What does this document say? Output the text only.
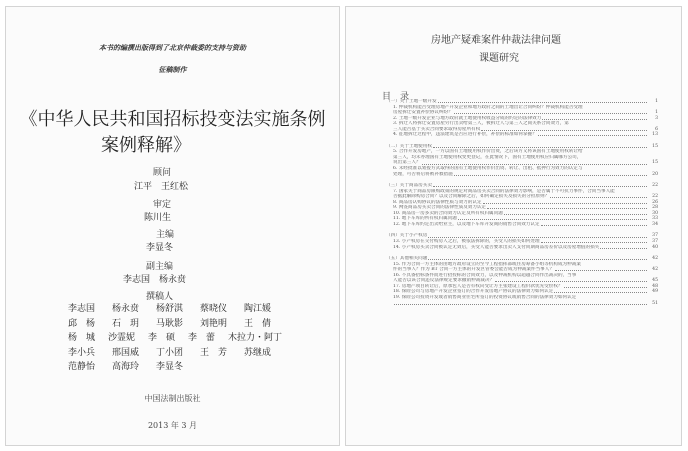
本书的编撰出版得到了北京仲裁委的支持与资助
征稿制作
《中华人民共和国招标投变法实施条例
案例释解》
顾问
江平　王红松
审定
陈川生
主编
李显冬
副主编
李志国　杨永贲
撰稿人
李志国	杨永贲	杨舒淇	蔡晓仪	陶江媛
邱　杨	石　玥	马耿影	刘艳明	王　倩
杨　城	沙霊妮	李　硕	李　蕾	木拉力・阿丁
李小兵	邢国威	丁小团	王　芳	苏继成
范静怡	高海玲	李显冬
中国法制出版社
2013 年 3 月
房地产疑难案件仲裁法律问题
课题研究
目　录
（一）关于土地一级开发	1
1. 仲裁机构能否受理房地产开发企业和地方政府之间的土地出让合同纠纷？仲裁机构能否受理
房屋拆迁安置补偿协议纠纷？	1
2. 土地一级开发企业与地方政府就土地使用权收益分成的约定的法律效力	3
3. 拆迁人将拆迁安置房屋另行出卖给第三人，被拆迁人与第三人之间关系合同效力，第
三人能否基于买卖合同要求取得房屋所有权	6
4. 征地拆迁过程中，违法建筑是否应进行补偿，补偿的标准如何掌握？	13
（二）关于土地使用权	15
5. 合作开发房地产，一方以国有土地使用权作价出资，之后该方又将该国有土地使用权转让给
第三人，均未办理国有土地使用权变更登记，在此情况下，国有土地使用权应归属哪方公司，
说出第三人？	15
6. 未经批准以划拨方式取得的国有土地使用权作价出资、转让、出租、抵押行为效力的认定与
处理，可否将后将被补救措施	20
（三）关于商品房买卖	22
7. 国家关于商品房限购政策的规定对商品房买卖合同的法律效力影响，是否属于不可抗力事件，合同当事人能
否据此解除购房合同？以及合同解除之后，如何确定损失及损失的分担原则？	22
8. 商品房认购协议的法律性质与效力的认定	26
9. 网签商品房买卖合同的法律性质及效力认定	28
10. 商品房一房多卖的合同效力认定及所有权归属问题	30
11. 地下车库的所有权归属问题	33
12. 地下车库约定出卖给业主，以及地下车库开发商的销售合同效力认定	34
（四）关于小产权房	37
13. 小产权房在交付购房人之后，被依法拆除的，买受人的损失如何处理	37
14. 小产权房买卖合同被认定无效后，买受人能否要求出卖人支付同期商品房差价以及房屋增值的损失	40
（五）其他相关问题	42
15. 作为合同一方主体的由地方政府设立的至今工程指挥部或住房筹备小组等机构成为仲裁案
件的当事人？作为 BT 合同一方主体的开发区管委会能否成为仲裁案件当事人？	42
16. 不具备招标条件而进行招投标的合同效力，以及仲裁机构以超越合同作出裁决的，当事
人能否以该合同违反法律规定要求撤销仲裁裁决？	45
17. 房地产项目转让后，原承包人是否有权向受让方主张建设工程价款优先受偿权？	48
18. 保险公司与房地产开发企业签订的合作开发房地产协议的法律效力如何认定	49
19. 保险公司投资开发或者销售商业住宅所签订的投资协议或销售合同的法律效力如何认定
51
